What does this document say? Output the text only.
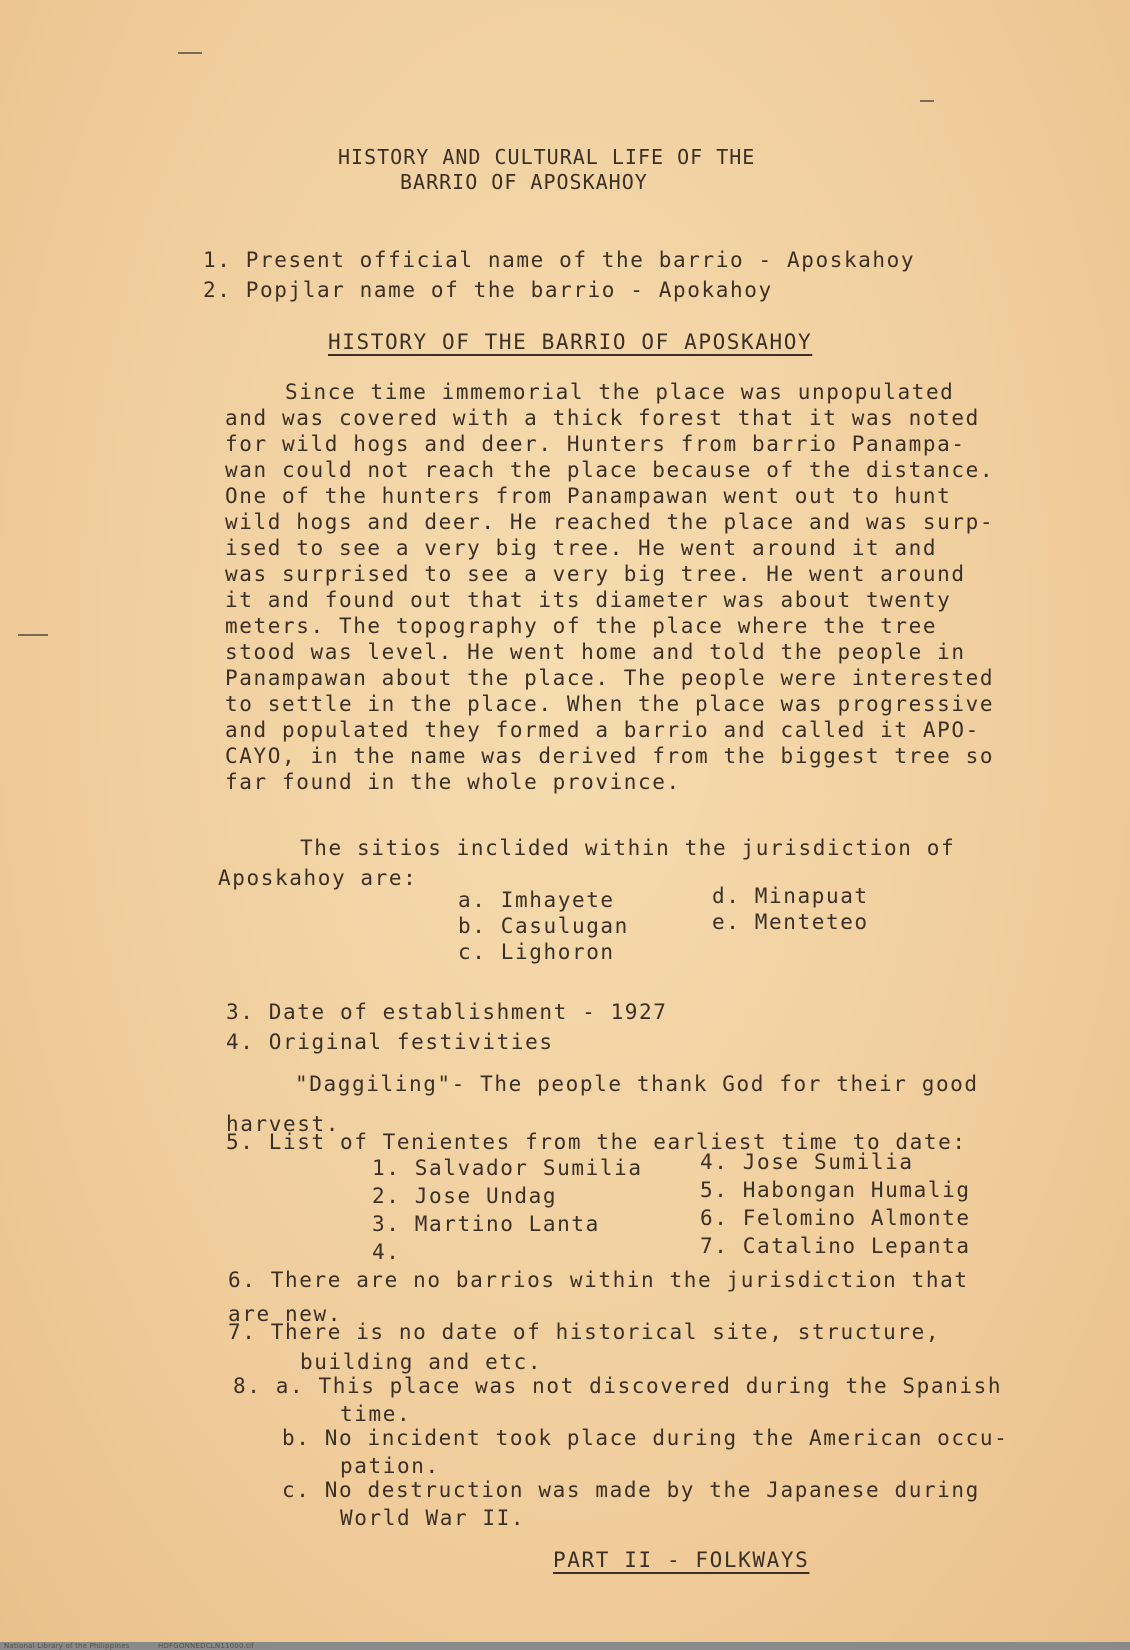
HISTORY AND CULTURAL LIFE OF THE
BARRIO OF APOSKAHOY
1. Present official name of the barrio - Aposkahoy
2. Popjlar name of the barrio - Apokahoy
HISTORY OF THE BARRIO OF APOSKAHOY
Since time immemorial the place was unpopulated
and was covered with a thick forest that it was noted
for wild hogs and deer. Hunters from barrio Panampa-
wan could not reach the place because of the distance.
One of the hunters from Panampawan went out to hunt
wild hogs and deer. He reached the place and was surp-
ised to see a very big tree. He went around it and
was surprised to see a very big tree. He went around
it and found out that its diameter was about twenty
meters. The topography of the place where the tree
stood was level. He went home and told the people in
Panampawan about the place. The people were interested
to settle in the place. When the place was progressive
and populated they formed a barrio and called it APO-
CAYO, in the name was derived from the biggest tree so
far found in the whole province.
The sitios inclided within the jurisdiction of
Aposkahoy are:
a. Imhayete
b. Casulugan
c. Lighoron
d. Minapuat
e. Menteteo
3. Date of establishment - 1927
4. Original festivities
"Daggiling"- The people thank God for their good
harvest.
5. List of Tenientes from the earliest time to date:
1. Salvador Sumilia
2. Jose Undag
3. Martino Lanta
4.
4. Jose Sumilia
5. Habongan Humalig
6. Felomino Almonte
7. Catalino Lepanta
6. There are no barrios within the jurisdiction that
are new.
7. There is no date of historical site, structure,
building and etc.
8. a. This place was not discovered during the Spanish
time.
b. No incident took place during the American occu-
pation.
c. No destruction was made by the Japanese during
World War II.
PART II - FOLKWAYS
National Library of the Philippines	HDFGONNEDCLN11000.tif
